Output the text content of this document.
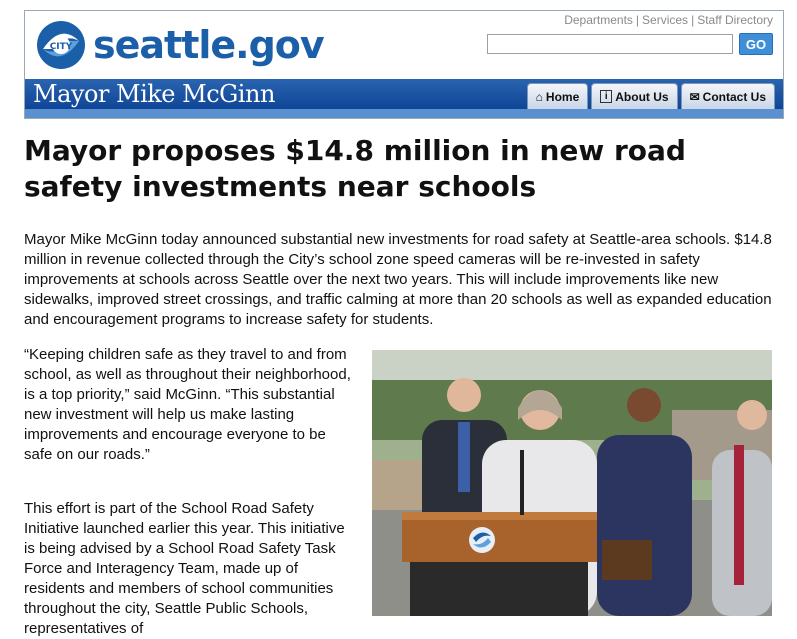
CITY seattle.gov
Departments | Services | Staff Directory
GO
Mayor Mike McGinn	⌂ Home	i About Us ✉ Contact Us
Mayor proposes $14.8 million in new road safety investments near schools

Mayor Mike McGinn today announced substantial new investments for road safety at Seattle-area schools. $14.8 million in revenue collected through the City’s school zone speed cameras will be re-invested in safety improvements at schools across Seattle over the next two years. This will include improvements like new sidewalks, improved street crossings, and traffic calming at more than 20 schools as well as expanded education and encouragement programs to increase safety for students.

“Keeping children safe as they travel to and from school, as well as throughout their neighborhood, is a top priority,” said McGinn. “This substantial new investment will help us make lasting improvements and encourage everyone to be safe on our roads.”

This effort is part of the School Road Safety Initiative launched earlier this year. This initiative is being advised by a School Road Safety Task Force and Interagency Team, made up of residents and members of school communities throughout the city, Seattle Public Schools, representatives of
